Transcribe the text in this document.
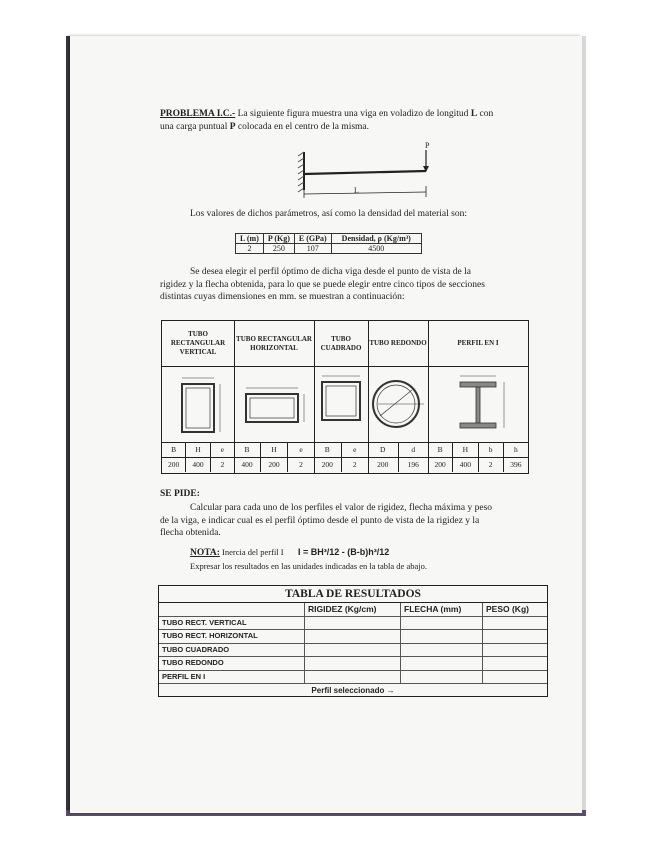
PROBLEMA I.C.- La siguiente figura muestra una viga en voladizo de longitud L con
una carga puntual P colocada en el centro de la misma.
P
L
Los valores de dichos parámetros, así como la densidad del material son:
L (m)	P (Kg)	E (GPa)	Densidad, ρ (Kg/m³)
2	250	107	4500
Se desea elegir el perfil óptimo de dicha viga desde el punto de vista de la
rigidez y la flecha obtenida, para lo que se puede elegir entre cinco tipos de secciones
distintas cuyas dimensiones en mm. se muestran a continuación:
TUBO RECTANGULAR VERTICAL
B	H	e
200	400	2
TUBO RECTANGULAR HORIZONTAL
B	H	e
400	200	2
TUBO CUADRADO
B	e
200	2
TUBO REDONDO
D	d
200	196
PERFIL EN I
B	H	b	h
200	400	2	396
SE PIDE:
Calcular para cada uno de los perfiles el valor de rigidez, flecha máxima y peso
de la viga, e indicar cual es el perfil óptimo desde el punto de vista de la rigidez y la
flecha obtenida.
NOTA: Inercia del perfil I I = BH³/12 - (B-b)h³/12
Expresar los resultados en las unidades indicadas en la tabla de abajo.
TABLA DE RESULTADOS
RIGIDEZ (Kg/cm)	FLECHA (mm)	PESO (Kg)
TUBO RECT. VERTICAL
TUBO RECT. HORIZONTAL
TUBO CUADRADO
TUBO REDONDO
PERFIL EN I
Perfil seleccionado →
